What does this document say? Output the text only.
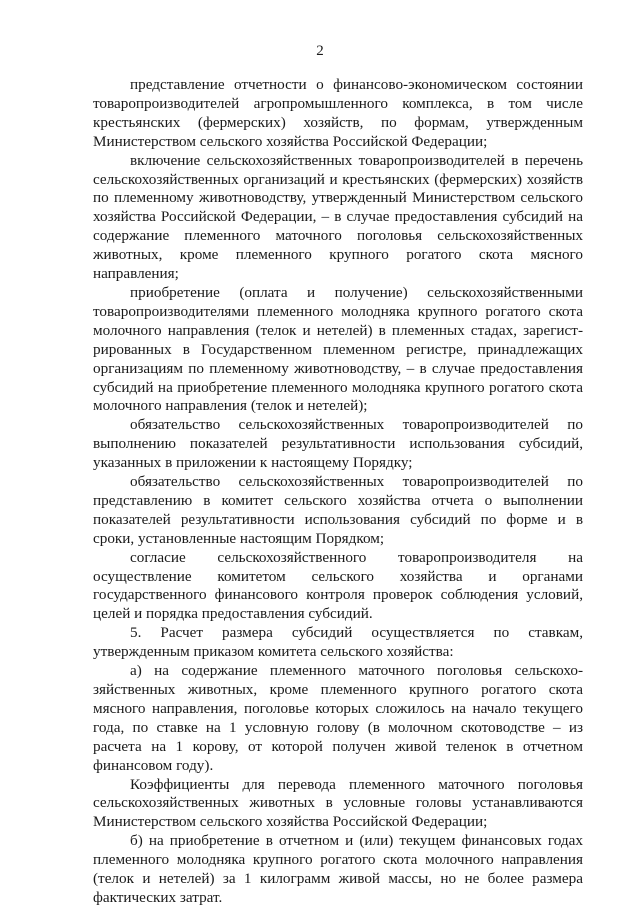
2

представление отчетности о финансово-экономическом состоянии товаропроизводителей агропромышленного комплекса, в том числе крестьянских (фермерских) хозяйств, по формам, утвержденным Министерством сельского хозяйства Российской Федерации;

включение сельскохозяйственных товаропроизводителей в перечень сельскохозяйственных организаций и крестьянских (фермерских) хозяйств по племенному животноводству, утвержденный Министерством сельского хозяйства Российской Федерации, – в случае предоставления субсидий на содержание племенного маточного поголовья сельскохозяйственных животных, кроме племенного крупного рогатого скота мясного направления;

приобретение (оплата и получение) сельскохозяйственными товаропроизводителями племенного молодняка крупного рогатого скота молочного направления (телок и нетелей) в племенных стадах, зарегистрированных в Государственном племенном регистре, принадлежащих организациям по племенному животноводству, – в случае предоставления субсидий на приобретение племенного молодняка крупного рогатого скота молочного направления (телок и нетелей);

обязательство сельскохозяйственных товаропроизводителей по выполнению показателей результативности использования субсидий, указанных в приложении к настоящему Порядку;

обязательство сельскохозяйственных товаропроизводителей по представлению в комитет сельского хозяйства отчета о выполнении показателей результативности использования субсидий по форме и в сроки, установленные настоящим Порядком;

согласие сельскохозяйственного товаропроизводителя на осуществление комитетом сельского хозяйства и органами государственного финансового контроля проверок соблюдения условий, целей и порядка предоставления субсидий.

5. Расчет размера субсидий осуществляется по ставкам, утвержденным приказом комитета сельского хозяйства:

а) на содержание племенного маточного поголовья сельскохозяйственных животных, кроме племенного крупного рогатого скота мясного направления, поголовье которых сложилось на начало текущего года, по ставке на 1 условную голову (в молочном скотоводстве – из расчета на 1 корову, от которой получен живой теленок в отчетном финансовом году).

Коэффициенты для перевода племенного маточного поголовья сельскохозяйственных животных в условные головы устанавливаются Министерством сельского хозяйства Российской Федерации;

б) на приобретение в отчетном и (или) текущем финансовых годах племенного молодняка крупного рогатого скота молочного направления (телок и нетелей) за 1 килограмм живой массы, но не более размера фактических затрат.
